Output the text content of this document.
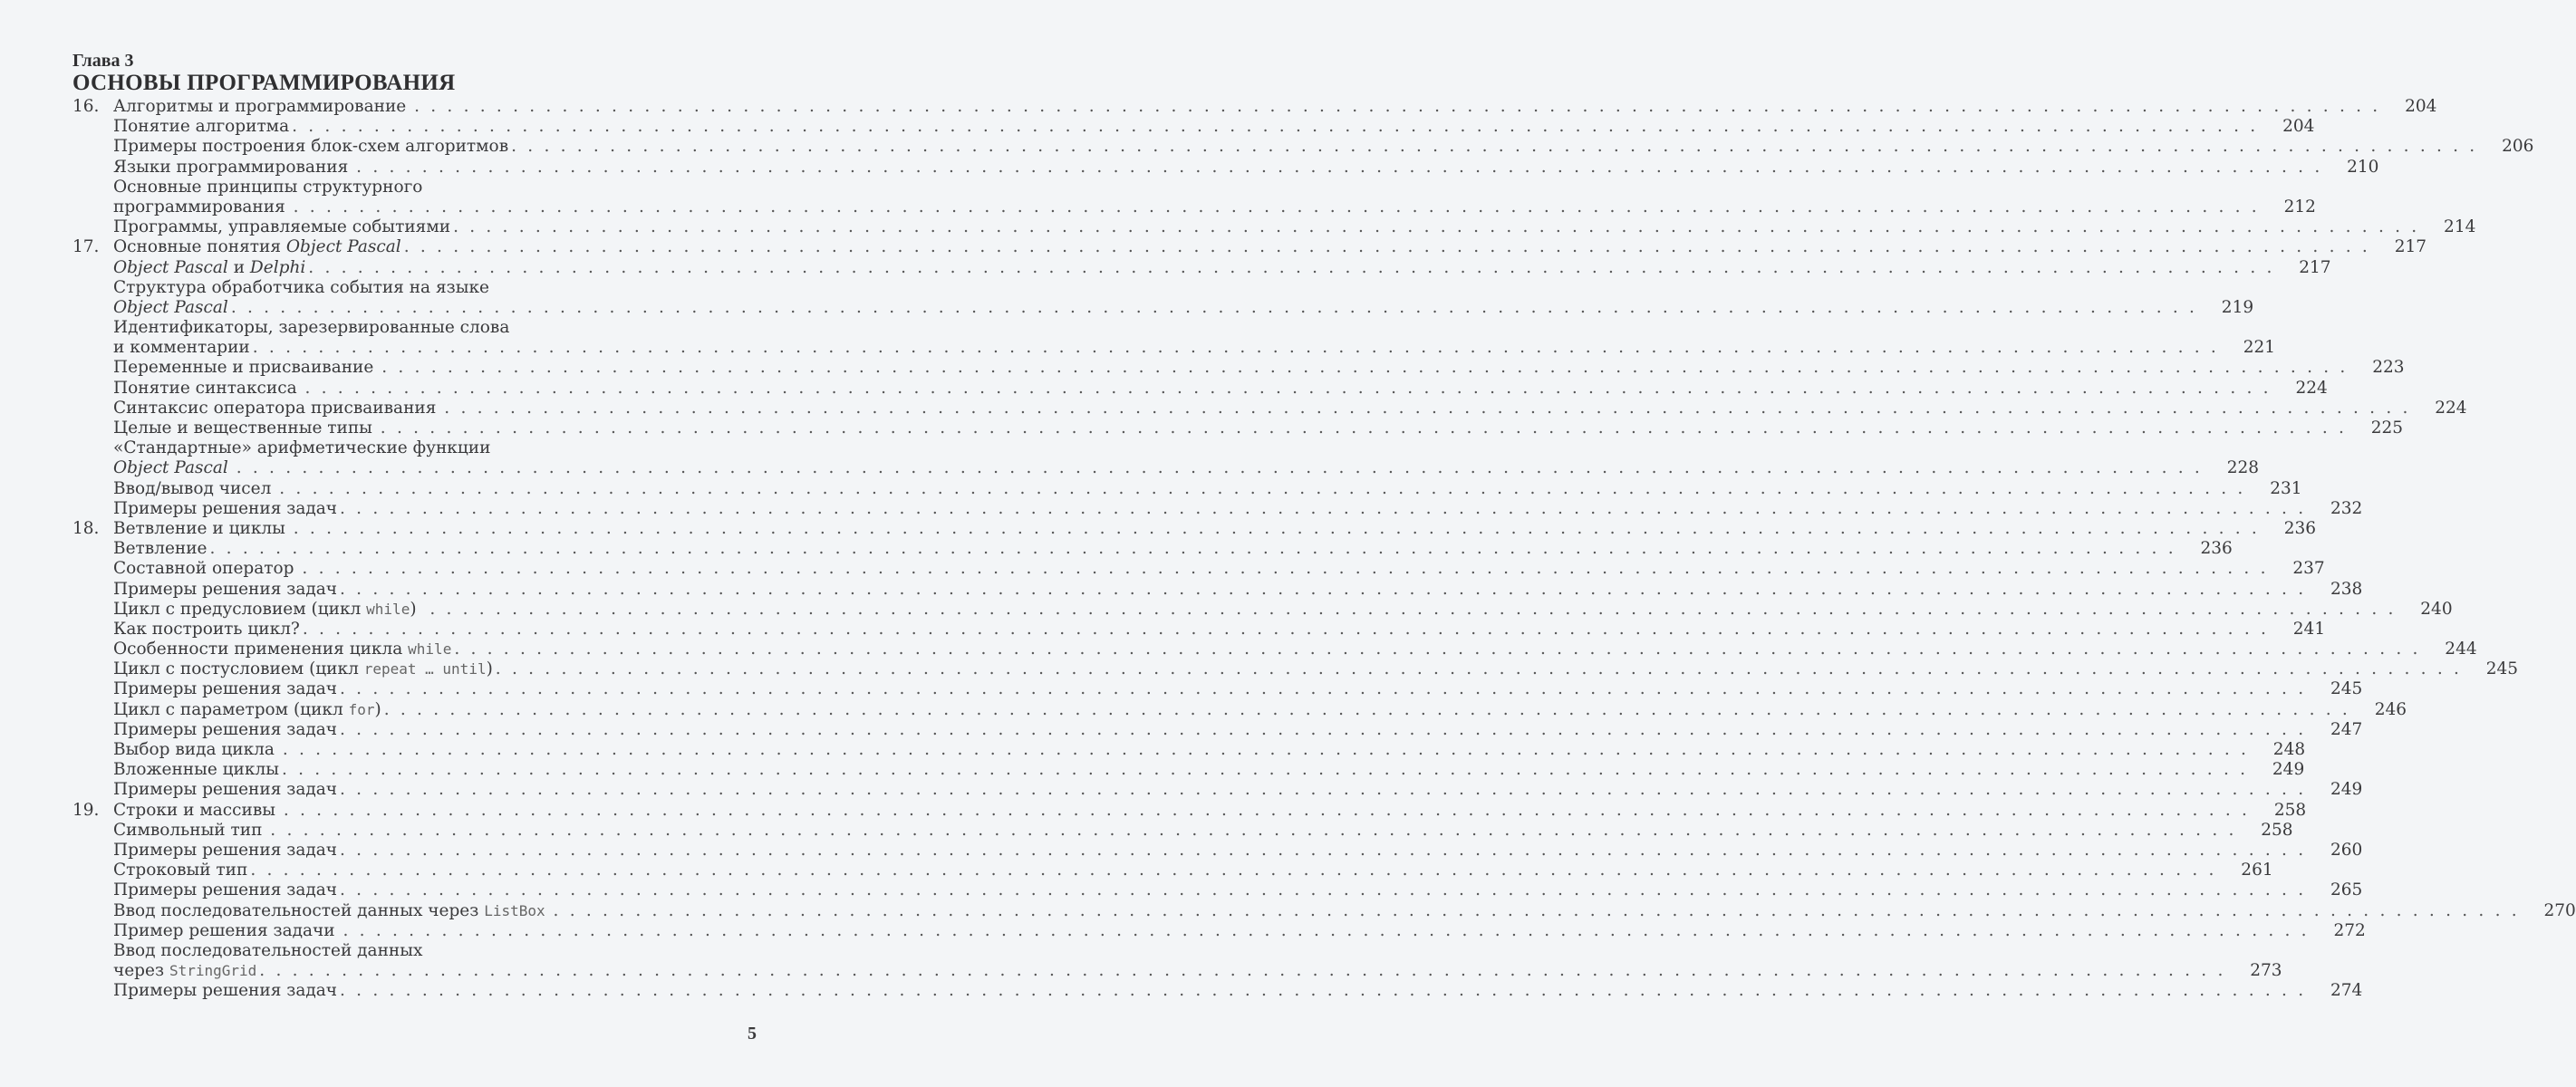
Глава 3
ОСНОВЫ ПРОГРАММИРОВАНИЯ
16. Алгоритмы и программирование . . . . . . . . . . . . . . . . . . . . . . . . . . . . . . . . . . . . . . . . . . . . . . . . . . . . . . . . . . . . . . . . . . . . . . . . . . . . . . . . . . . . . . . . . . . . . . . . . . . . . . . . . . . . . . . . . . . . . . . .	204
Понятие алгоритма . . . . . . . . . . . . . . . . . . . . . . . . . . . . . . . . . . . . . . . . . . . . . . . . . . . . . . . . . . . . . . . . . . . . . . . . . . . . . . . . . . . . . . . . . . . . . . . . . . . . . . . . . . . . . . . . . . . . . . . .	204
Примеры построения блок-схем алгоритмов . . . . . . . . . . . . . . . . . . . . . . . . . . . . . . . . . . . . . . . . . . . . . . . . . . . . . . . . . . . . . . . . . . . . . . . . . . . . . . . . . . . . . . . . . . . . . . . . . . . . . . . . . . . . . . . . . . . . . . . .	206
Языки программирования . . . . . . . . . . . . . . . . . . . . . . . . . . . . . . . . . . . . . . . . . . . . . . . . . . . . . . . . . . . . . . . . . . . . . . . . . . . . . . . . . . . . . . . . . . . . . . . . . . . . . . . . . . . . . . . . . . . . . . . .	210
Основные принципы структурного
программирования . . . . . . . . . . . . . . . . . . . . . . . . . . . . . . . . . . . . . . . . . . . . . . . . . . . . . . . . . . . . . . . . . . . . . . . . . . . . . . . . . . . . . . . . . . . . . . . . . . . . . . . . . . . . . . . . . . . . . . . .	212
Программы, управляемые событиями . . . . . . . . . . . . . . . . . . . . . . . . . . . . . . . . . . . . . . . . . . . . . . . . . . . . . . . . . . . . . . . . . . . . . . . . . . . . . . . . . . . . . . . . . . . . . . . . . . . . . . . . . . . . . . . . . . . . . . . .	214
17. Основные понятия Object Pascal . . . . . . . . . . . . . . . . . . . . . . . . . . . . . . . . . . . . . . . . . . . . . . . . . . . . . . . . . . . . . . . . . . . . . . . . . . . . . . . . . . . . . . . . . . . . . . . . . . . . . . . . . . . . . . . . . . . . . . . .	217
Object Pascal и Delphi . . . . . . . . . . . . . . . . . . . . . . . . . . . . . . . . . . . . . . . . . . . . . . . . . . . . . . . . . . . . . . . . . . . . . . . . . . . . . . . . . . . . . . . . . . . . . . . . . . . . . . . . . . . . . . . . . . . . . . . .	217
Структура обработчика события на языке
Object Pascal . . . . . . . . . . . . . . . . . . . . . . . . . . . . . . . . . . . . . . . . . . . . . . . . . . . . . . . . . . . . . . . . . . . . . . . . . . . . . . . . . . . . . . . . . . . . . . . . . . . . . . . . . . . . . . . . . . . . . . . .	219
Идентификаторы, зарезервированные слова
и комментарии . . . . . . . . . . . . . . . . . . . . . . . . . . . . . . . . . . . . . . . . . . . . . . . . . . . . . . . . . . . . . . . . . . . . . . . . . . . . . . . . . . . . . . . . . . . . . . . . . . . . . . . . . . . . . . . . . . . . . . . .	221
Переменные и присваивание . . . . . . . . . . . . . . . . . . . . . . . . . . . . . . . . . . . . . . . . . . . . . . . . . . . . . . . . . . . . . . . . . . . . . . . . . . . . . . . . . . . . . . . . . . . . . . . . . . . . . . . . . . . . . . . . . . . . . . . .	223
Понятие синтаксиса . . . . . . . . . . . . . . . . . . . . . . . . . . . . . . . . . . . . . . . . . . . . . . . . . . . . . . . . . . . . . . . . . . . . . . . . . . . . . . . . . . . . . . . . . . . . . . . . . . . . . . . . . . . . . . . . . . . . . . . .	224
Синтаксис оператора присваивания . . . . . . . . . . . . . . . . . . . . . . . . . . . . . . . . . . . . . . . . . . . . . . . . . . . . . . . . . . . . . . . . . . . . . . . . . . . . . . . . . . . . . . . . . . . . . . . . . . . . . . . . . . . . . . . . . . . . . . . .	224
Целые и вещественные типы . . . . . . . . . . . . . . . . . . . . . . . . . . . . . . . . . . . . . . . . . . . . . . . . . . . . . . . . . . . . . . . . . . . . . . . . . . . . . . . . . . . . . . . . . . . . . . . . . . . . . . . . . . . . . . . . . . . . . . . .	225
«Стандартные» арифметические функции
Object Pascal . . . . . . . . . . . . . . . . . . . . . . . . . . . . . . . . . . . . . . . . . . . . . . . . . . . . . . . . . . . . . . . . . . . . . . . . . . . . . . . . . . . . . . . . . . . . . . . . . . . . . . . . . . . . . . . . . . . . . . . .	228
Ввод/вывод чисел . . . . . . . . . . . . . . . . . . . . . . . . . . . . . . . . . . . . . . . . . . . . . . . . . . . . . . . . . . . . . . . . . . . . . . . . . . . . . . . . . . . . . . . . . . . . . . . . . . . . . . . . . . . . . . . . . . . . . . . .	231
Примеры решения задач . . . . . . . . . . . . . . . . . . . . . . . . . . . . . . . . . . . . . . . . . . . . . . . . . . . . . . . . . . . . . . . . . . . . . . . . . . . . . . . . . . . . . . . . . . . . . . . . . . . . . . . . . . . . . . . . . . . . . . . .	232
18. Ветвление и циклы . . . . . . . . . . . . . . . . . . . . . . . . . . . . . . . . . . . . . . . . . . . . . . . . . . . . . . . . . . . . . . . . . . . . . . . . . . . . . . . . . . . . . . . . . . . . . . . . . . . . . . . . . . . . . . . . . . . . . . . .	236
Ветвление . . . . . . . . . . . . . . . . . . . . . . . . . . . . . . . . . . . . . . . . . . . . . . . . . . . . . . . . . . . . . . . . . . . . . . . . . . . . . . . . . . . . . . . . . . . . . . . . . . . . . . . . . . . . . . . . . . . . . . . .	236
Составной оператор . . . . . . . . . . . . . . . . . . . . . . . . . . . . . . . . . . . . . . . . . . . . . . . . . . . . . . . . . . . . . . . . . . . . . . . . . . . . . . . . . . . . . . . . . . . . . . . . . . . . . . . . . . . . . . . . . . . . . . . .	237
Примеры решения задач . . . . . . . . . . . . . . . . . . . . . . . . . . . . . . . . . . . . . . . . . . . . . . . . . . . . . . . . . . . . . . . . . . . . . . . . . . . . . . . . . . . . . . . . . . . . . . . . . . . . . . . . . . . . . . . . . . . . . . . .	238
Цикл с предусловием (цикл while) . . . . . . . . . . . . . . . . . . . . . . . . . . . . . . . . . . . . . . . . . . . . . . . . . . . . . . . . . . . . . . . . . . . . . . . . . . . . . . . . . . . . . . . . . . . . . . . . . . . . . . . . . . . . . . . . . . . . . . . .	240
Как построить цикл? . . . . . . . . . . . . . . . . . . . . . . . . . . . . . . . . . . . . . . . . . . . . . . . . . . . . . . . . . . . . . . . . . . . . . . . . . . . . . . . . . . . . . . . . . . . . . . . . . . . . . . . . . . . . . . . . . . . . . . . .	241
Особенности применения цикла while . . . . . . . . . . . . . . . . . . . . . . . . . . . . . . . . . . . . . . . . . . . . . . . . . . . . . . . . . . . . . . . . . . . . . . . . . . . . . . . . . . . . . . . . . . . . . . . . . . . . . . . . . . . . . . . . . . . . . . . .	244
Цикл с постусловием (цикл repeat … until) . . . . . . . . . . . . . . . . . . . . . . . . . . . . . . . . . . . . . . . . . . . . . . . . . . . . . . . . . . . . . . . . . . . . . . . . . . . . . . . . . . . . . . . . . . . . . . . . . . . . . . . . . . . . . . . . . . . . . . . .	245
Примеры решения задач . . . . . . . . . . . . . . . . . . . . . . . . . . . . . . . . . . . . . . . . . . . . . . . . . . . . . . . . . . . . . . . . . . . . . . . . . . . . . . . . . . . . . . . . . . . . . . . . . . . . . . . . . . . . . . . . . . . . . . . .	245
Цикл с параметром (цикл for) . . . . . . . . . . . . . . . . . . . . . . . . . . . . . . . . . . . . . . . . . . . . . . . . . . . . . . . . . . . . . . . . . . . . . . . . . . . . . . . . . . . . . . . . . . . . . . . . . . . . . . . . . . . . . . . . . . . . . . . .	246
Примеры решения задач . . . . . . . . . . . . . . . . . . . . . . . . . . . . . . . . . . . . . . . . . . . . . . . . . . . . . . . . . . . . . . . . . . . . . . . . . . . . . . . . . . . . . . . . . . . . . . . . . . . . . . . . . . . . . . . . . . . . . . . .	247
Выбор вида цикла . . . . . . . . . . . . . . . . . . . . . . . . . . . . . . . . . . . . . . . . . . . . . . . . . . . . . . . . . . . . . . . . . . . . . . . . . . . . . . . . . . . . . . . . . . . . . . . . . . . . . . . . . . . . . . . . . . . . . . . .	248
Вложенные циклы . . . . . . . . . . . . . . . . . . . . . . . . . . . . . . . . . . . . . . . . . . . . . . . . . . . . . . . . . . . . . . . . . . . . . . . . . . . . . . . . . . . . . . . . . . . . . . . . . . . . . . . . . . . . . . . . . . . . . . . .	249
Примеры решения задач . . . . . . . . . . . . . . . . . . . . . . . . . . . . . . . . . . . . . . . . . . . . . . . . . . . . . . . . . . . . . . . . . . . . . . . . . . . . . . . . . . . . . . . . . . . . . . . . . . . . . . . . . . . . . . . . . . . . . . . .	249
19. Строки и массивы . . . . . . . . . . . . . . . . . . . . . . . . . . . . . . . . . . . . . . . . . . . . . . . . . . . . . . . . . . . . . . . . . . . . . . . . . . . . . . . . . . . . . . . . . . . . . . . . . . . . . . . . . . . . . . . . . . . . . . . .	258
Символьный тип . . . . . . . . . . . . . . . . . . . . . . . . . . . . . . . . . . . . . . . . . . . . . . . . . . . . . . . . . . . . . . . . . . . . . . . . . . . . . . . . . . . . . . . . . . . . . . . . . . . . . . . . . . . . . . . . . . . . . . . .	258
Примеры решения задач . . . . . . . . . . . . . . . . . . . . . . . . . . . . . . . . . . . . . . . . . . . . . . . . . . . . . . . . . . . . . . . . . . . . . . . . . . . . . . . . . . . . . . . . . . . . . . . . . . . . . . . . . . . . . . . . . . . . . . . .	260
Строковый тип . . . . . . . . . . . . . . . . . . . . . . . . . . . . . . . . . . . . . . . . . . . . . . . . . . . . . . . . . . . . . . . . . . . . . . . . . . . . . . . . . . . . . . . . . . . . . . . . . . . . . . . . . . . . . . . . . . . . . . . .	261
Примеры решения задач . . . . . . . . . . . . . . . . . . . . . . . . . . . . . . . . . . . . . . . . . . . . . . . . . . . . . . . . . . . . . . . . . . . . . . . . . . . . . . . . . . . . . . . . . . . . . . . . . . . . . . . . . . . . . . . . . . . . . . . .	265
Ввод последовательностей данных через ListBox . . . . . . . . . . . . . . . . . . . . . . . . . . . . . . . . . . . . . . . . . . . . . . . . . . . . . . . . . . . . . . . . . . . . . . . . . . . . . . . . . . . . . . . . . . . . . . . . . . . . . . . . . . . . . . . . . . . . . . . .	270
Пример решения задачи . . . . . . . . . . . . . . . . . . . . . . . . . . . . . . . . . . . . . . . . . . . . . . . . . . . . . . . . . . . . . . . . . . . . . . . . . . . . . . . . . . . . . . . . . . . . . . . . . . . . . . . . . . . . . . . . . . . . . . . .	272
Ввод последовательностей данных
через StringGrid . . . . . . . . . . . . . . . . . . . . . . . . . . . . . . . . . . . . . . . . . . . . . . . . . . . . . . . . . . . . . . . . . . . . . . . . . . . . . . . . . . . . . . . . . . . . . . . . . . . . . . . . . . . . . . . . . . . . . . . .	273
Примеры решения задач . . . . . . . . . . . . . . . . . . . . . . . . . . . . . . . . . . . . . . . . . . . . . . . . . . . . . . . . . . . . . . . . . . . . . . . . . . . . . . . . . . . . . . . . . . . . . . . . . . . . . . . . . . . . . . . . . . . . . . . .	274
5
